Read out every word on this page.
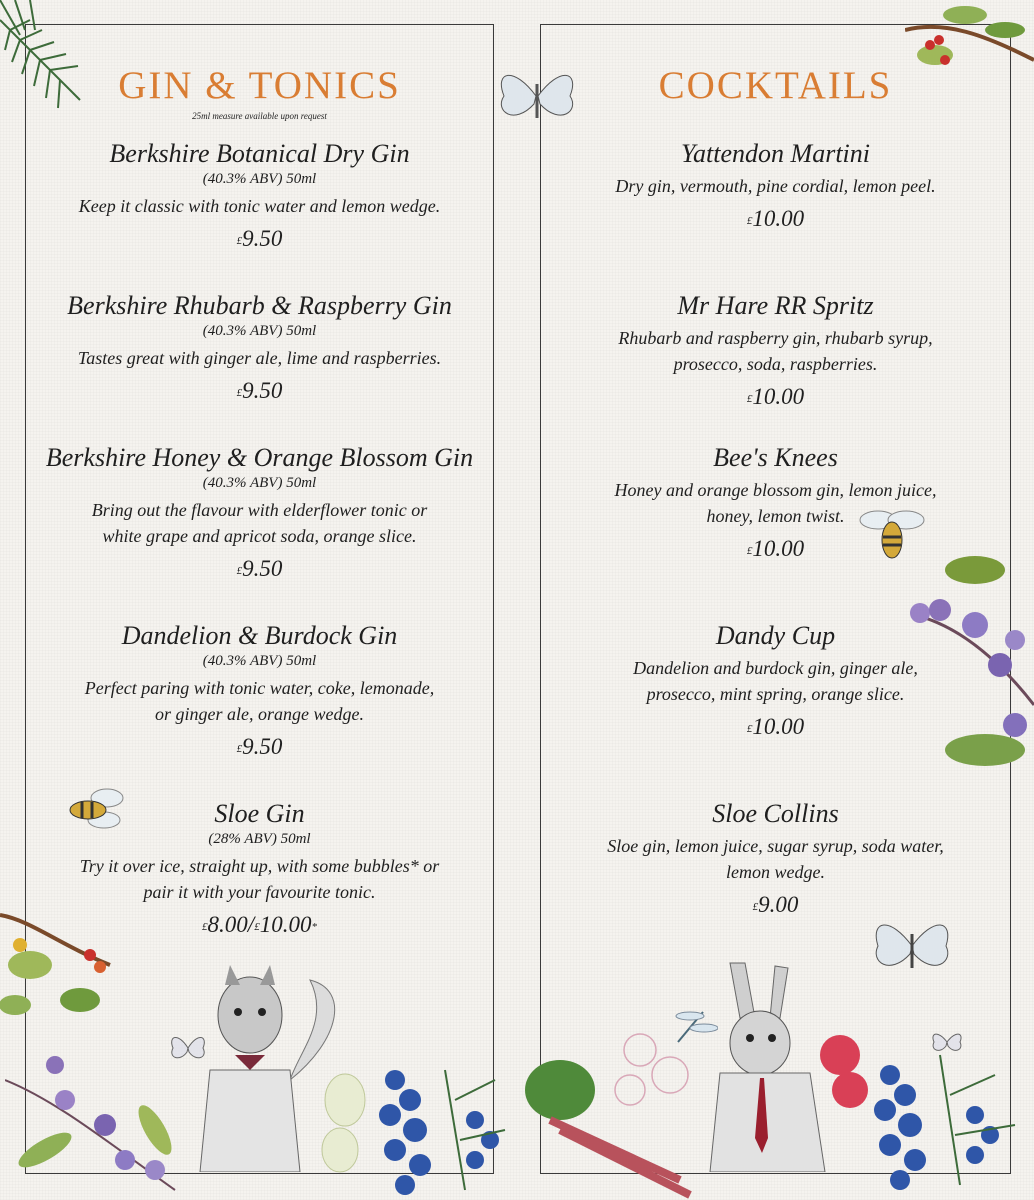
GIN & TONICS
25ml measure available upon request
Berkshire Botanical Dry Gin
(40.3% ABV) 50ml
Keep it classic with tonic water and lemon wedge.
£9.50
Berkshire Rhubarb & Raspberry Gin
(40.3% ABV) 50ml
Tastes great with ginger ale, lime and raspberries.
£9.50
Berkshire Honey & Orange Blossom Gin
(40.3% ABV) 50ml
Bring out the flavour with elderflower tonic or
white grape and apricot soda, orange slice.
£9.50
Dandelion & Burdock Gin
(40.3% ABV) 50ml
Perfect paring with tonic water, coke, lemonade,
or ginger ale, orange wedge.
£9.50
Sloe Gin
(28% ABV) 50ml
Try it over ice, straight up, with some bubbles* or
pair it with your favourite tonic.
£8.00/£10.00*
COCKTAILS
Yattendon Martini
Dry gin, vermouth, pine cordial, lemon peel.
£10.00
Mr Hare RR Spritz
Rhubarb and raspberry gin, rhubarb syrup,
prosecco, soda, raspberries.
£10.00
Bee's Knees
Honey and orange blossom gin, lemon juice,
honey, lemon twist.
£10.00
Dandy Cup
Dandelion and burdock gin, ginger ale,
prosecco, mint spring, orange slice.
£10.00
Sloe Collins
Sloe gin, lemon juice, sugar syrup, soda water,
lemon wedge.
£9.00
